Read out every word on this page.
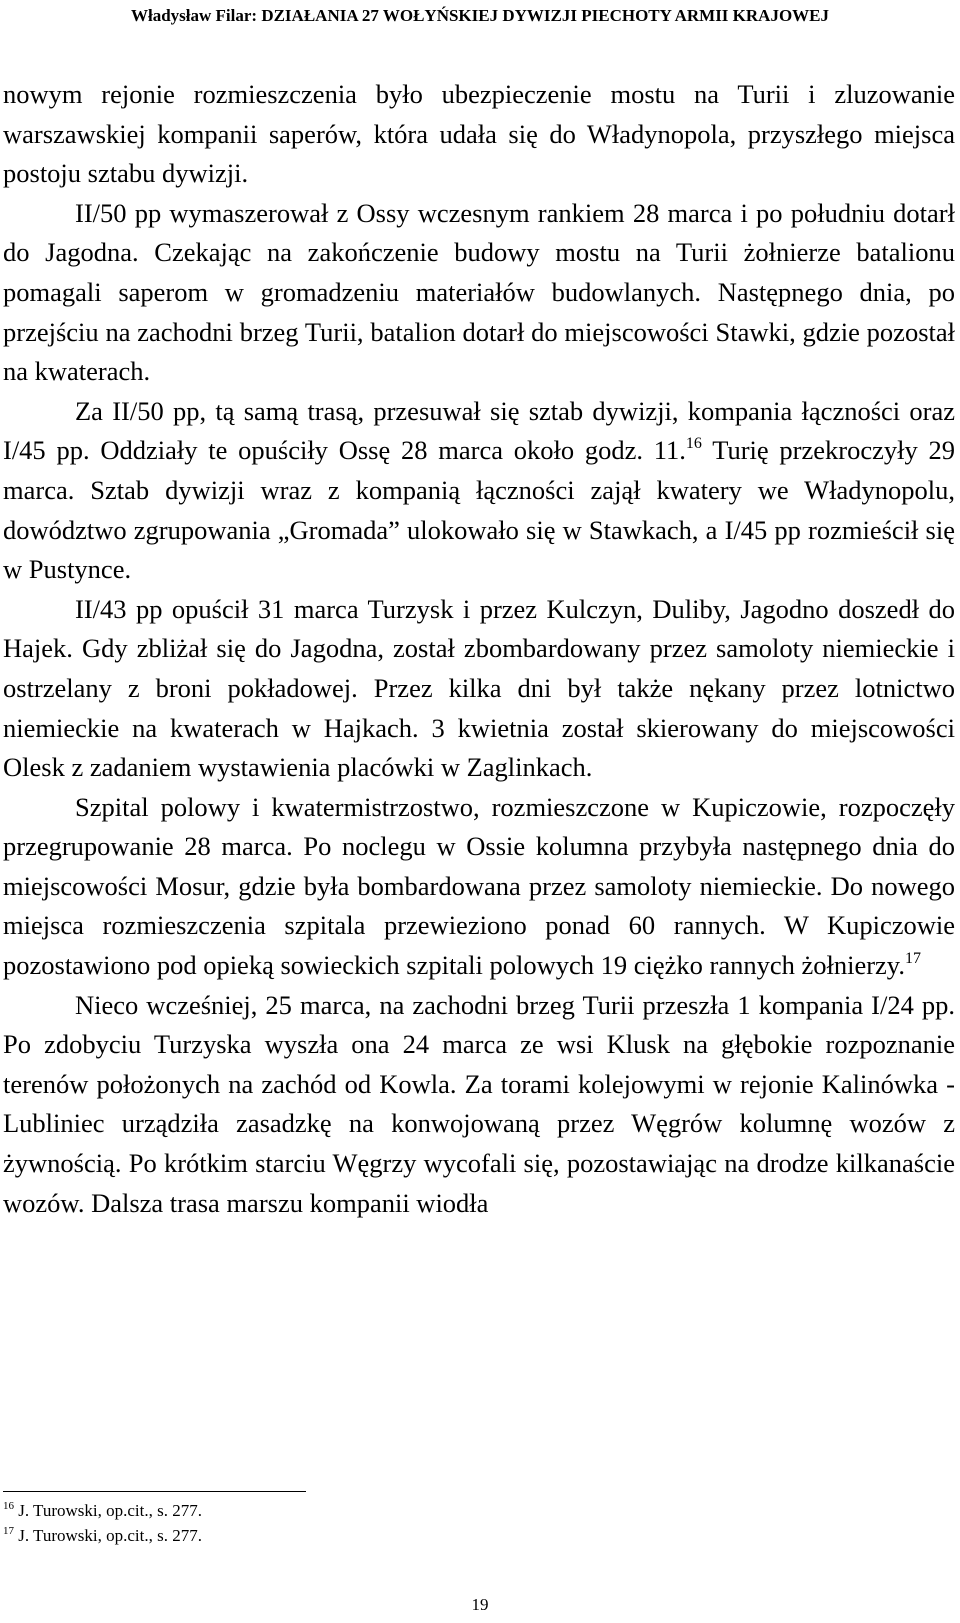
Władysław Filar: DZIAŁANIA 27 WOŁYŃSKIEJ DYWIZJI PIECHOTY ARMII KRAJOWEJ

nowym rejonie rozmieszczenia było ubezpieczenie mostu na Turii i zluzowanie warszawskiej kompanii saperów, która udała się do Władynopola, przyszłego miejsca postoju sztabu dywizji.

II/50 pp wymaszerował z Ossy wczesnym rankiem 28 marca i po południu dotarł do Jagodna. Czekając na zakończenie budowy mostu na Turii żołnierze batalionu pomagali saperom w gromadzeniu materiałów budowlanych. Następnego dnia, po przejściu na zachodni brzeg Turii, batalion dotarł do miejscowości Stawki, gdzie pozostał na kwaterach.

Za II/50 pp, tą samą trasą, przesuwał się sztab dywizji, kompania łączności oraz I/45 pp. Oddziały te opuściły Ossę 28 marca około godz. 11.16 Turię przekroczyły 29 marca. Sztab dywizji wraz z kompanią łączności zajął kwatery we Władynopolu, dowództwo zgrupowania „Gromada” ulokowało się w Stawkach, a I/45 pp rozmieścił się w Pustynce.

II/43 pp opuścił 31 marca Turzysk i przez Kulczyn, Duliby, Jagodno doszedł do Hajek. Gdy zbliżał się do Jagodna, został zbombardowany przez samoloty niemieckie i ostrzelany z broni pokładowej. Przez kilka dni był także nękany przez lotnictwo niemieckie na kwaterach w Hajkach. 3 kwietnia został skierowany do miejscowości Olesk z zadaniem wystawienia placówki w Zaglinkach.

Szpital polowy i kwatermistrzostwo, rozmieszczone w Kupiczowie, rozpoczęły przegrupowanie 28 marca. Po noclegu w Ossie kolumna przybyła następnego dnia do miejscowości Mosur, gdzie była bombardowana przez samoloty niemieckie. Do nowego miejsca rozmieszczenia szpitala przewieziono ponad 60 rannych. W Kupiczowie pozostawiono pod opieką sowieckich szpitali polowych 19 ciężko rannych żołnierzy.$^{17}$

Nieco wcześniej, 25 marca, na zachodni brzeg Turii przeszła 1 kompania I/24 pp. Po zdobyciu Turzyska wyszła ona 24 marca ze wsi Klusk na głębokie rozpoznanie terenów położonych na zachód od Kowla. Za torami kolejowymi w rejonie Kalinówka - Lubliniec urządziła zasadzkę na konwojowaną przez Węgrów kolumnę wozów z żywnością. Po krótkim starciu Węgrzy wycofali się, pozostawiając na drodze kilkanaście wozów. Dalsza trasa marszu kompanii wiodła

$^{16}$ J. Turowski, op.cit., s. 277.
$^{17}$ J. Turowski, op.cit., s. 277.
19
